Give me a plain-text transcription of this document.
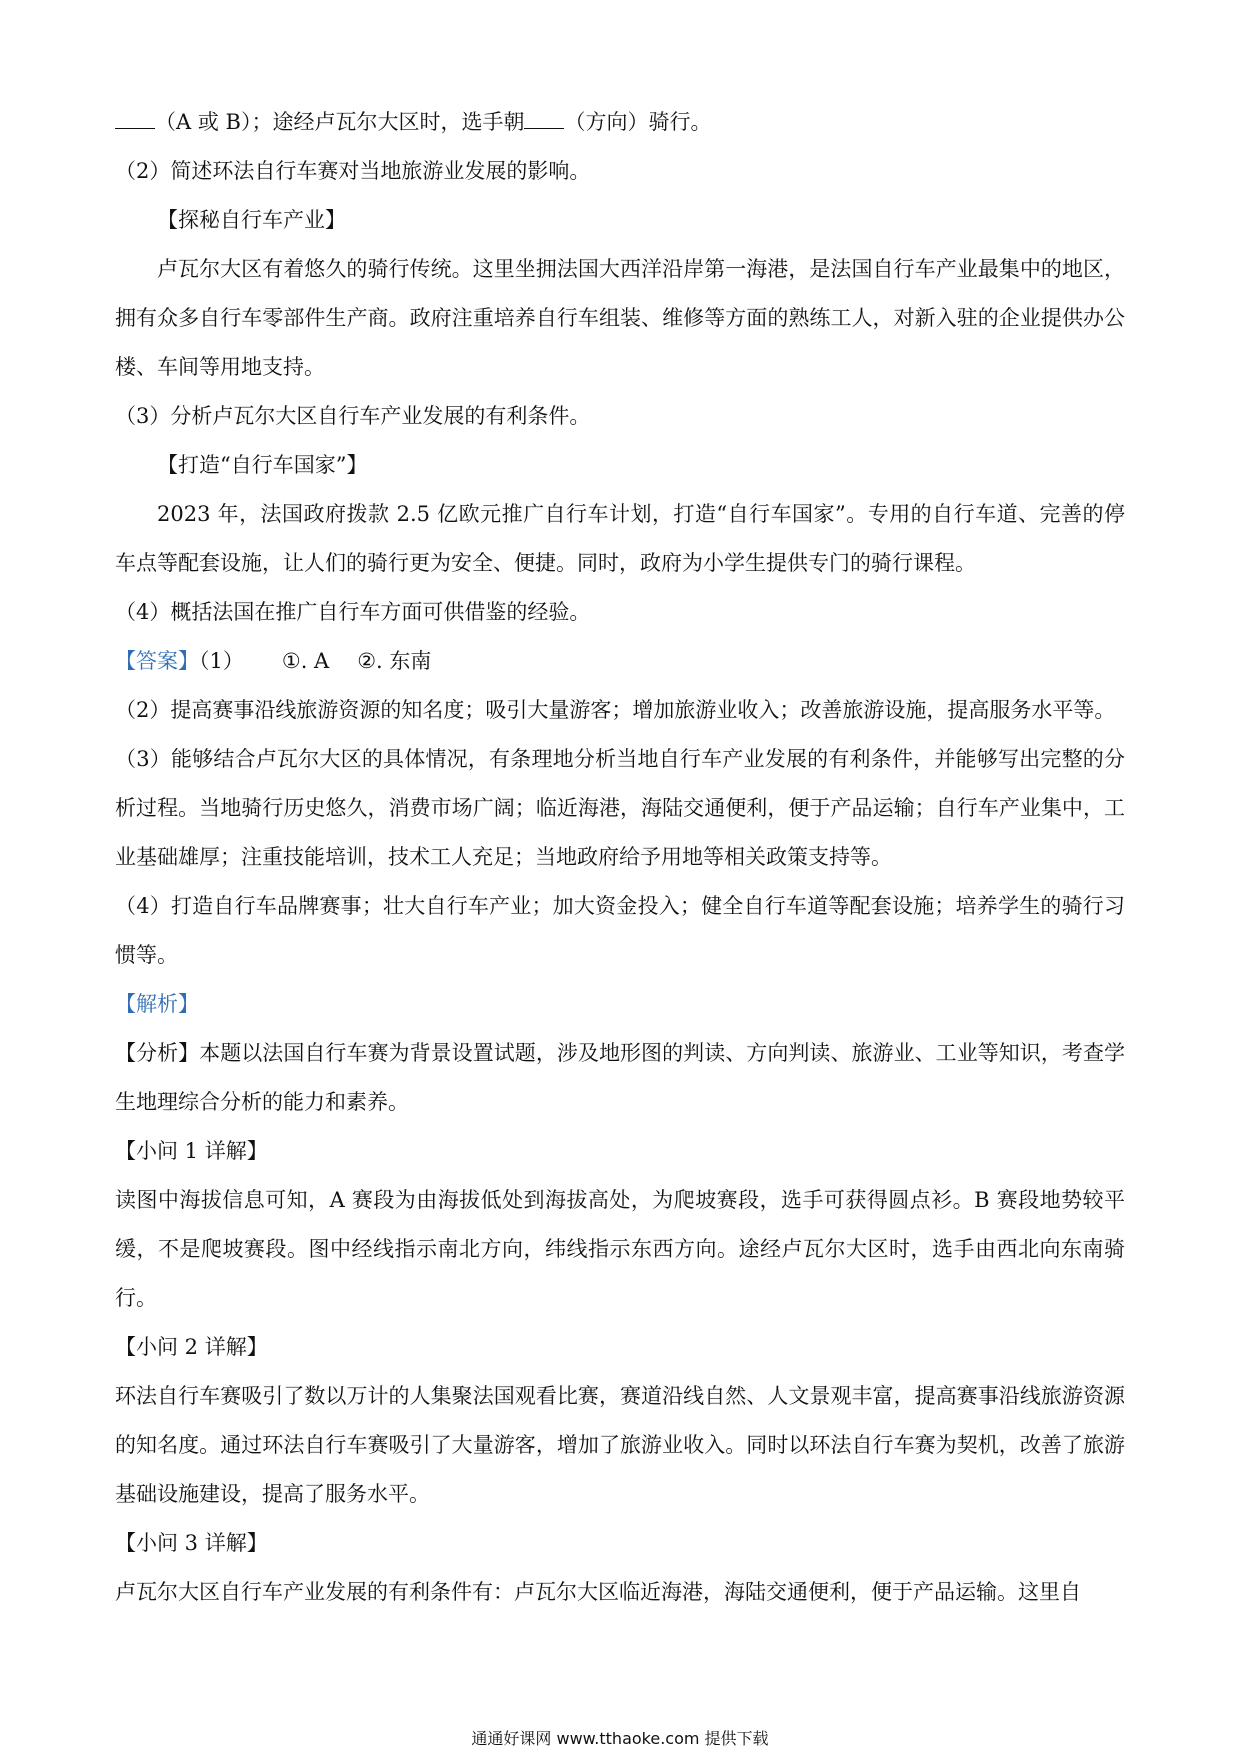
（A 或 B）；途经卢瓦尔大区时，选手朝 （方向）骑行。
（2）简述环法自行车赛对当地旅游业发展的影响。
【探秘自行车产业】
卢瓦尔大区有着悠久的骑行传统。这里坐拥法国大西洋沿岸第一海港，是法国自行车产业最集中的地区，拥有众多自行车零部件生产商。政府注重培养自行车组装、维修等方面的熟练工人，对新入驻的企业提供办公楼、车间等用地支持。
（3）分析卢瓦尔大区自行车产业发展的有利条件。
【打造“自行车国家”】
2023 年，法国政府拨款 2.5 亿欧元推广自行车计划，打造“自行车国家”。专用的自行车道、完善的停车点等配套设施，让人们的骑行更为安全、便捷。同时，政府为小学生提供专门的骑行课程。
（4）概括法国在推广自行车方面可供借鉴的经验。
【答案】（1） ①. A ②. 东南
（2）提高赛事沿线旅游资源的知名度；吸引大量游客；增加旅游业收入；改善旅游设施，提高服务水平等。
（3）能够结合卢瓦尔大区的具体情况，有条理地分析当地自行车产业发展的有利条件，并能够写出完整的分析过程。当地骑行历史悠久，消费市场广阔；临近海港，海陆交通便利，便于产品运输；自行车产业集中，工业基础雄厚；注重技能培训，技术工人充足；当地政府给予用地等相关政策支持等。
（4）打造自行车品牌赛事；壮大自行车产业；加大资金投入；健全自行车道等配套设施；培养学生的骑行习惯等。
【解析】
【分析】本题以法国自行车赛为背景设置试题，涉及地形图的判读、方向判读、旅游业、工业等知识，考查学生地理综合分析的能力和素养。
【小问 1 详解】
读图中海拔信息可知，A 赛段为由海拔低处到海拔高处，为爬坡赛段，选手可获得圆点衫。B 赛段地势较平缓，不是爬坡赛段。图中经线指示南北方向，纬线指示东西方向。途经卢瓦尔大区时，选手由西北向东南骑行。
【小问 2 详解】
环法自行车赛吸引了数以万计的人集聚法国观看比赛，赛道沿线自然、人文景观丰富，提高赛事沿线旅游资源的知名度。通过环法自行车赛吸引了大量游客，增加了旅游业收入。同时以环法自行车赛为契机，改善了旅游基础设施建设，提高了服务水平。
【小问 3 详解】
卢瓦尔大区自行车产业发展的有利条件有：卢瓦尔大区临近海港，海陆交通便利，便于产品运输。这里自
通通好课网 www.tthaoke.com 提供下载
